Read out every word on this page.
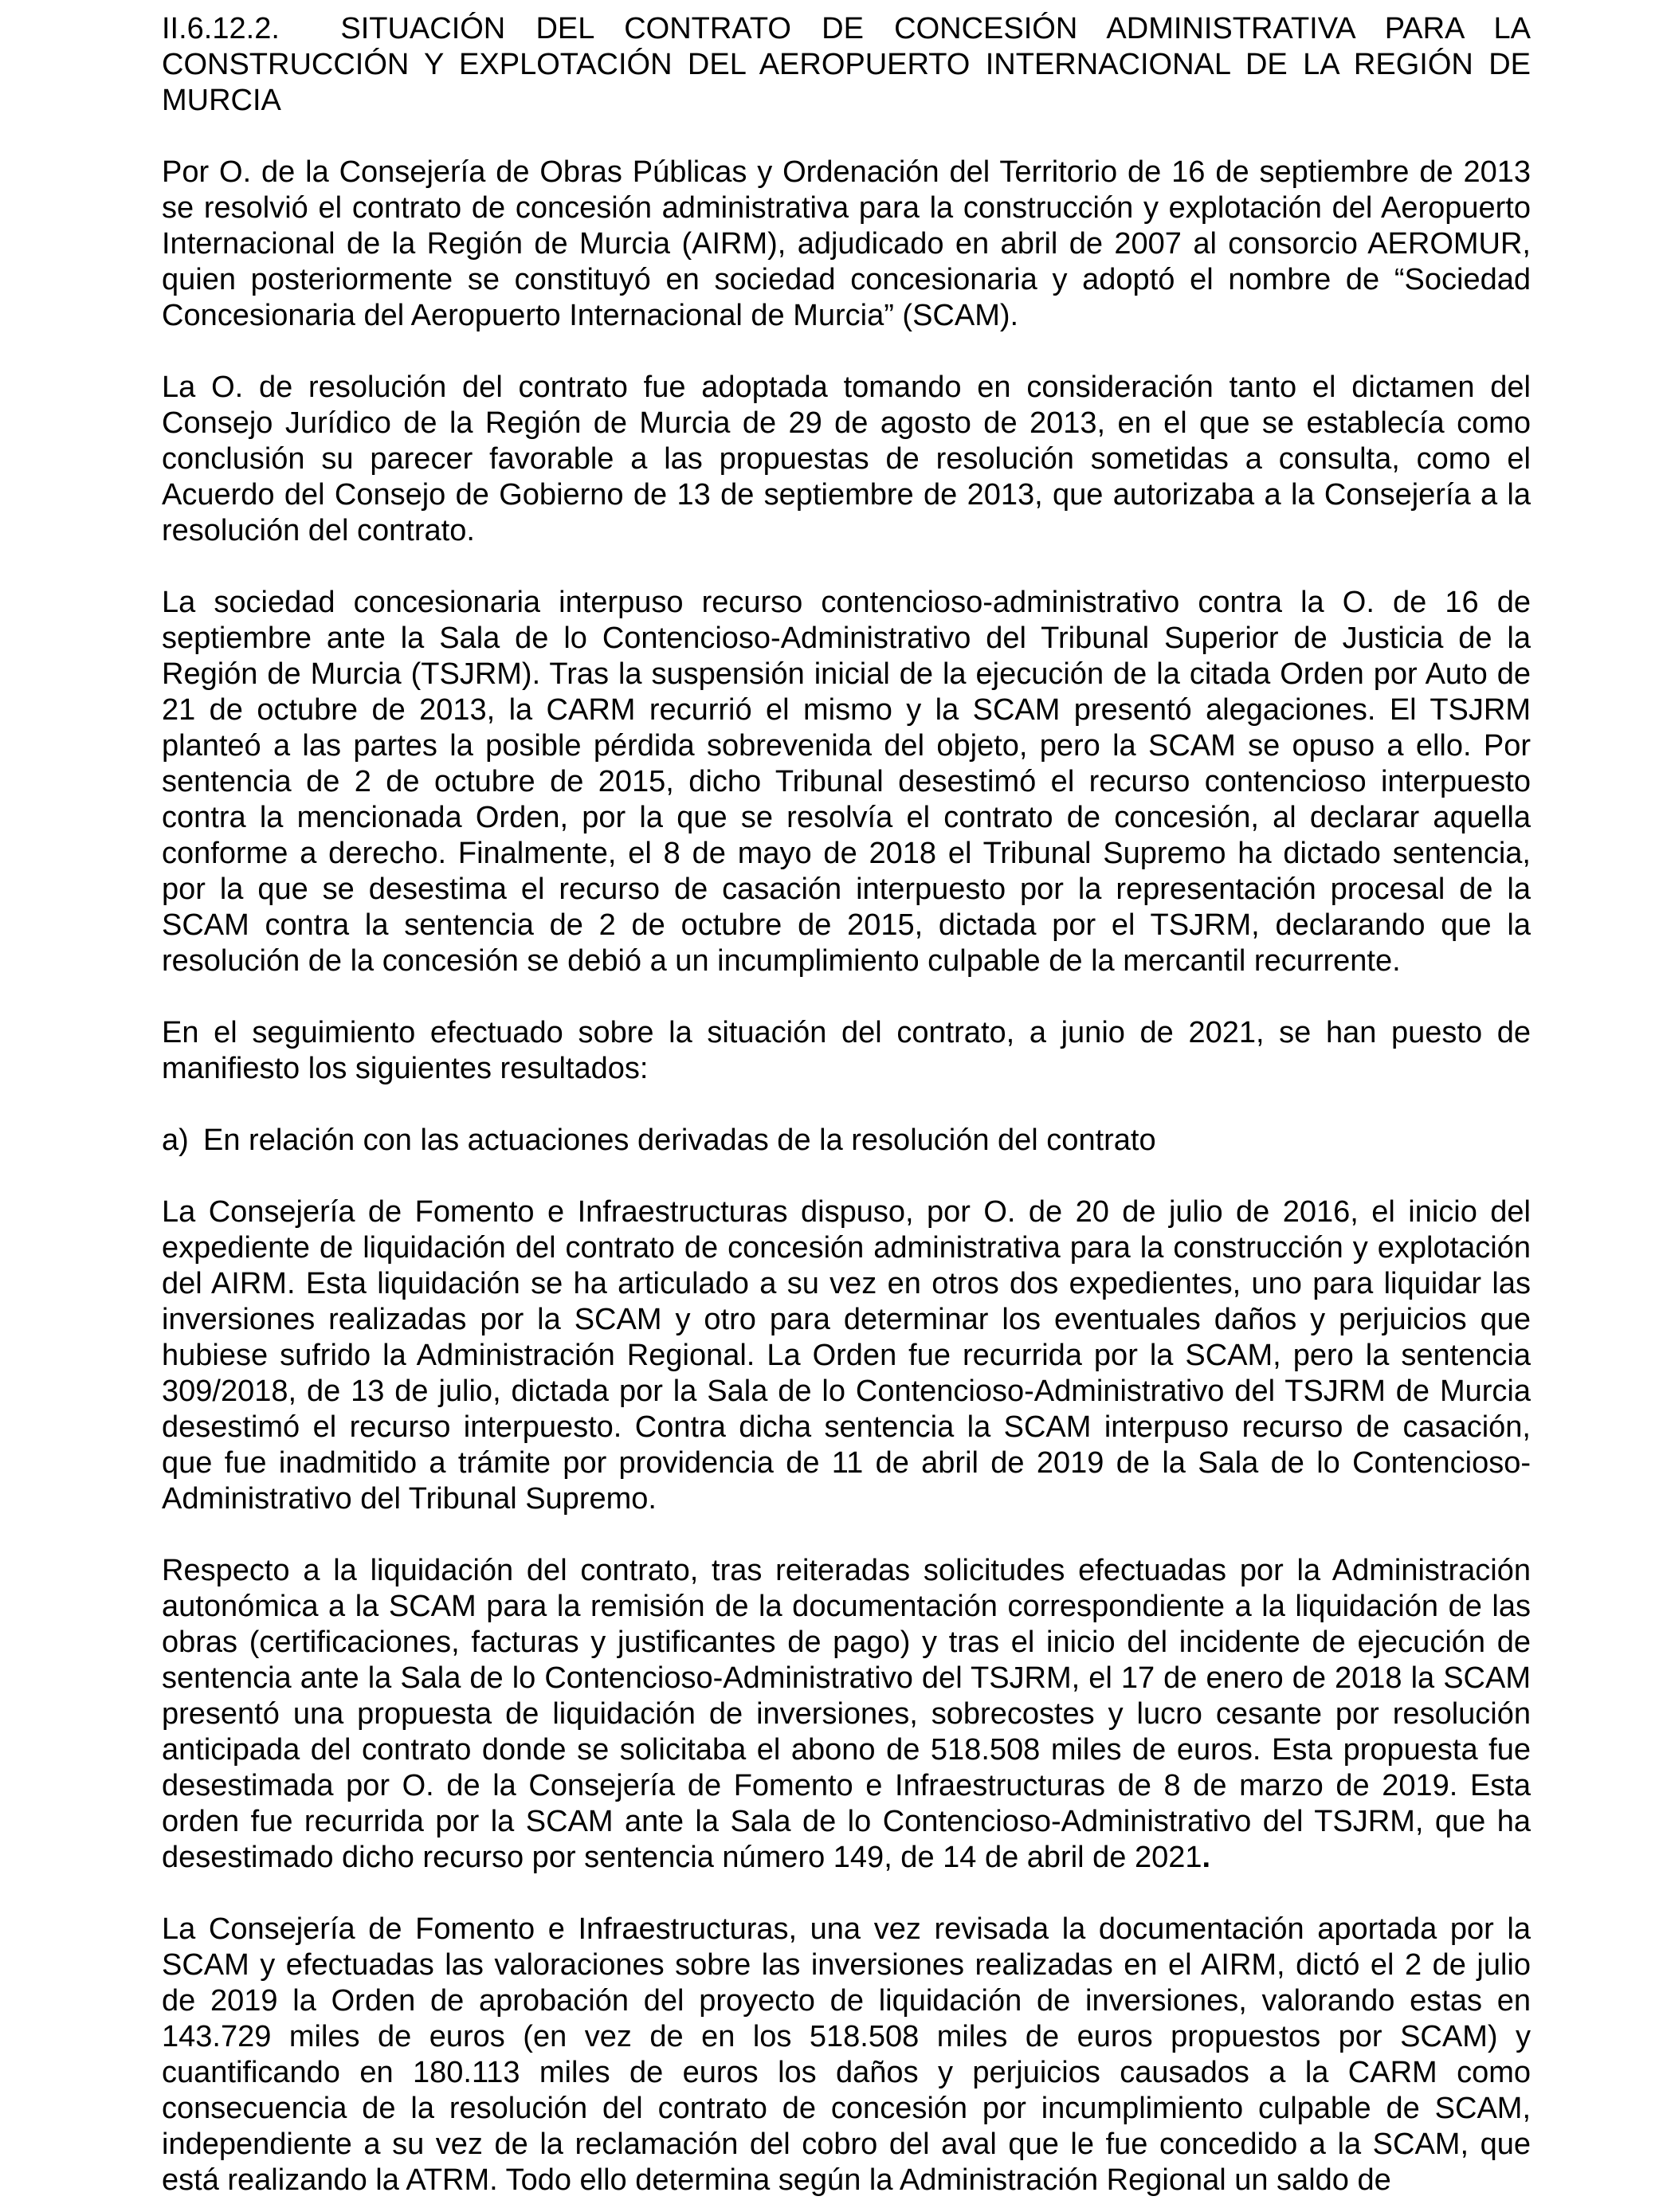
II.6.12.2. SITUACIÓN DEL CONTRATO DE CONCESIÓN ADMINISTRATIVA PARA LA CONSTRUCCIÓN Y EXPLOTACIÓN DEL AEROPUERTO INTERNACIONAL DE LA REGIÓN DE MURCIA

Por O. de la Consejería de Obras Públicas y Ordenación del Territorio de 16 de septiembre de 2013 se resolvió el contrato de concesión administrativa para la construcción y explotación del Aeropuerto Internacional de la Región de Murcia (AIRM), adjudicado en abril de 2007 al consorcio AEROMUR, quien posteriormente se constituyó en sociedad concesionaria y adoptó el nombre de “Sociedad Concesionaria del Aeropuerto Internacional de Murcia” (SCAM).

La O. de resolución del contrato fue adoptada tomando en consideración tanto el dictamen del Consejo Jurídico de la Región de Murcia de 29 de agosto de 2013, en el que se establecía como conclusión su parecer favorable a las propuestas de resolución sometidas a consulta, como el Acuerdo del Consejo de Gobierno de 13 de septiembre de 2013, que autorizaba a la Consejería a la resolución del contrato.

La sociedad concesionaria interpuso recurso contencioso-administrativo contra la O. de 16 de septiembre ante la Sala de lo Contencioso-Administrativo del Tribunal Superior de Justicia de la Región de Murcia (TSJRM). Tras la suspensión inicial de la ejecución de la citada Orden por Auto de 21 de octubre de 2013, la CARM recurrió el mismo y la SCAM presentó alegaciones. El TSJRM planteó a las partes la posible pérdida sobrevenida del objeto, pero la SCAM se opuso a ello. Por sentencia de 2 de octubre de 2015, dicho Tribunal desestimó el recurso contencioso interpuesto contra la mencionada Orden, por la que se resolvía el contrato de concesión, al declarar aquella conforme a derecho. Finalmente, el 8 de mayo de 2018 el Tribunal Supremo ha dictado sentencia, por la que se desestima el recurso de casación interpuesto por la representación procesal de la SCAM contra la sentencia de 2 de octubre de 2015, dictada por el TSJRM, declarando que la resolución de la concesión se debió a un incumplimiento culpable de la mercantil recurrente.

En el seguimiento efectuado sobre la situación del contrato, a junio de 2021, se han puesto de manifiesto los siguientes resultados:

a) En relación con las actuaciones derivadas de la resolución del contrato

La Consejería de Fomento e Infraestructuras dispuso, por O. de 20 de julio de 2016, el inicio del expediente de liquidación del contrato de concesión administrativa para la construcción y explotación del AIRM. Esta liquidación se ha articulado a su vez en otros dos expedientes, uno para liquidar las inversiones realizadas por la SCAM y otro para determinar los eventuales daños y perjuicios que hubiese sufrido la Administración Regional. La Orden fue recurrida por la SCAM, pero la sentencia 309/2018, de 13 de julio, dictada por la Sala de lo Contencioso-Administrativo del TSJRM de Murcia desestimó el recurso interpuesto. Contra dicha sentencia la SCAM interpuso recurso de casación, que fue inadmitido a trámite por providencia de 11 de abril de 2019 de la Sala de lo Contencioso-Administrativo del Tribunal Supremo.

Respecto a la liquidación del contrato, tras reiteradas solicitudes efectuadas por la Administración autonómica a la SCAM para la remisión de la documentación correspondiente a la liquidación de las obras (certificaciones, facturas y justificantes de pago) y tras el inicio del incidente de ejecución de sentencia ante la Sala de lo Contencioso-Administrativo del TSJRM, el 17 de enero de 2018 la SCAM presentó una propuesta de liquidación de inversiones, sobrecostes y lucro cesante por resolución anticipada del contrato donde se solicitaba el abono de 518.508 miles de euros. Esta propuesta fue desestimada por O. de la Consejería de Fomento e Infraestructuras de 8 de marzo de 2019. Esta orden fue recurrida por la SCAM ante la Sala de lo Contencioso-Administrativo del TSJRM, que ha desestimado dicho recurso por sentencia número 149, de 14 de abril de 2021.

La Consejería de Fomento e Infraestructuras, una vez revisada la documentación aportada por la SCAM y efectuadas las valoraciones sobre las inversiones realizadas en el AIRM, dictó el 2 de julio de 2019 la Orden de aprobación del proyecto de liquidación de inversiones, valorando estas en 143.729 miles de euros (en vez de en los 518.508 miles de euros propuestos por SCAM) y cuantificando en 180.113 miles de euros los daños y perjuicios causados a la CARM como consecuencia de la resolución del contrato de concesión por incumplimiento culpable de SCAM, independiente a su vez de la reclamación del cobro del aval que le fue concedido a la SCAM, que está realizando la ATRM. Todo ello determina según la Administración Regional un saldo de
